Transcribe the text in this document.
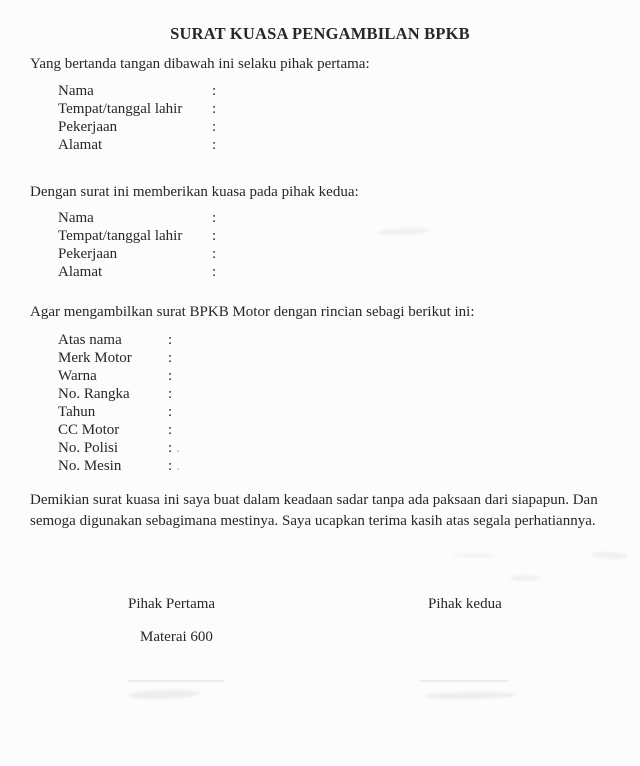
SURAT KUASA PENGAMBILAN BPKB

Yang bertanda tangan dibawah ini selaku pihak pertama:

Nama	:
Tempat/tanggal lahir :
Pekerjaan	:
Alamat	:

Dengan surat ini memberikan kuasa pada pihak kedua:

Nama	:
Tempat/tanggal lahir :
Pekerjaan	:
Alamat	:

Agar mengambilkan surat BPKB Motor dengan rincian sebagi berikut ini:

Atas nama	:
Merk Motor :
Warna	:
No. Rangka	:
Tahun	:
CC Motor	:
No. Polisi	: .
No. Mesin	: .

Demikian surat kuasa ini saya buat dalam keadaan sadar tanpa ada paksaan dari siapapun. Dan semoga digunakan sebagimana mestinya. Saya ucapkan terima kasih atas segala perhatiannya.

Pihak Pertama	Pihak kedua
Materai 600
